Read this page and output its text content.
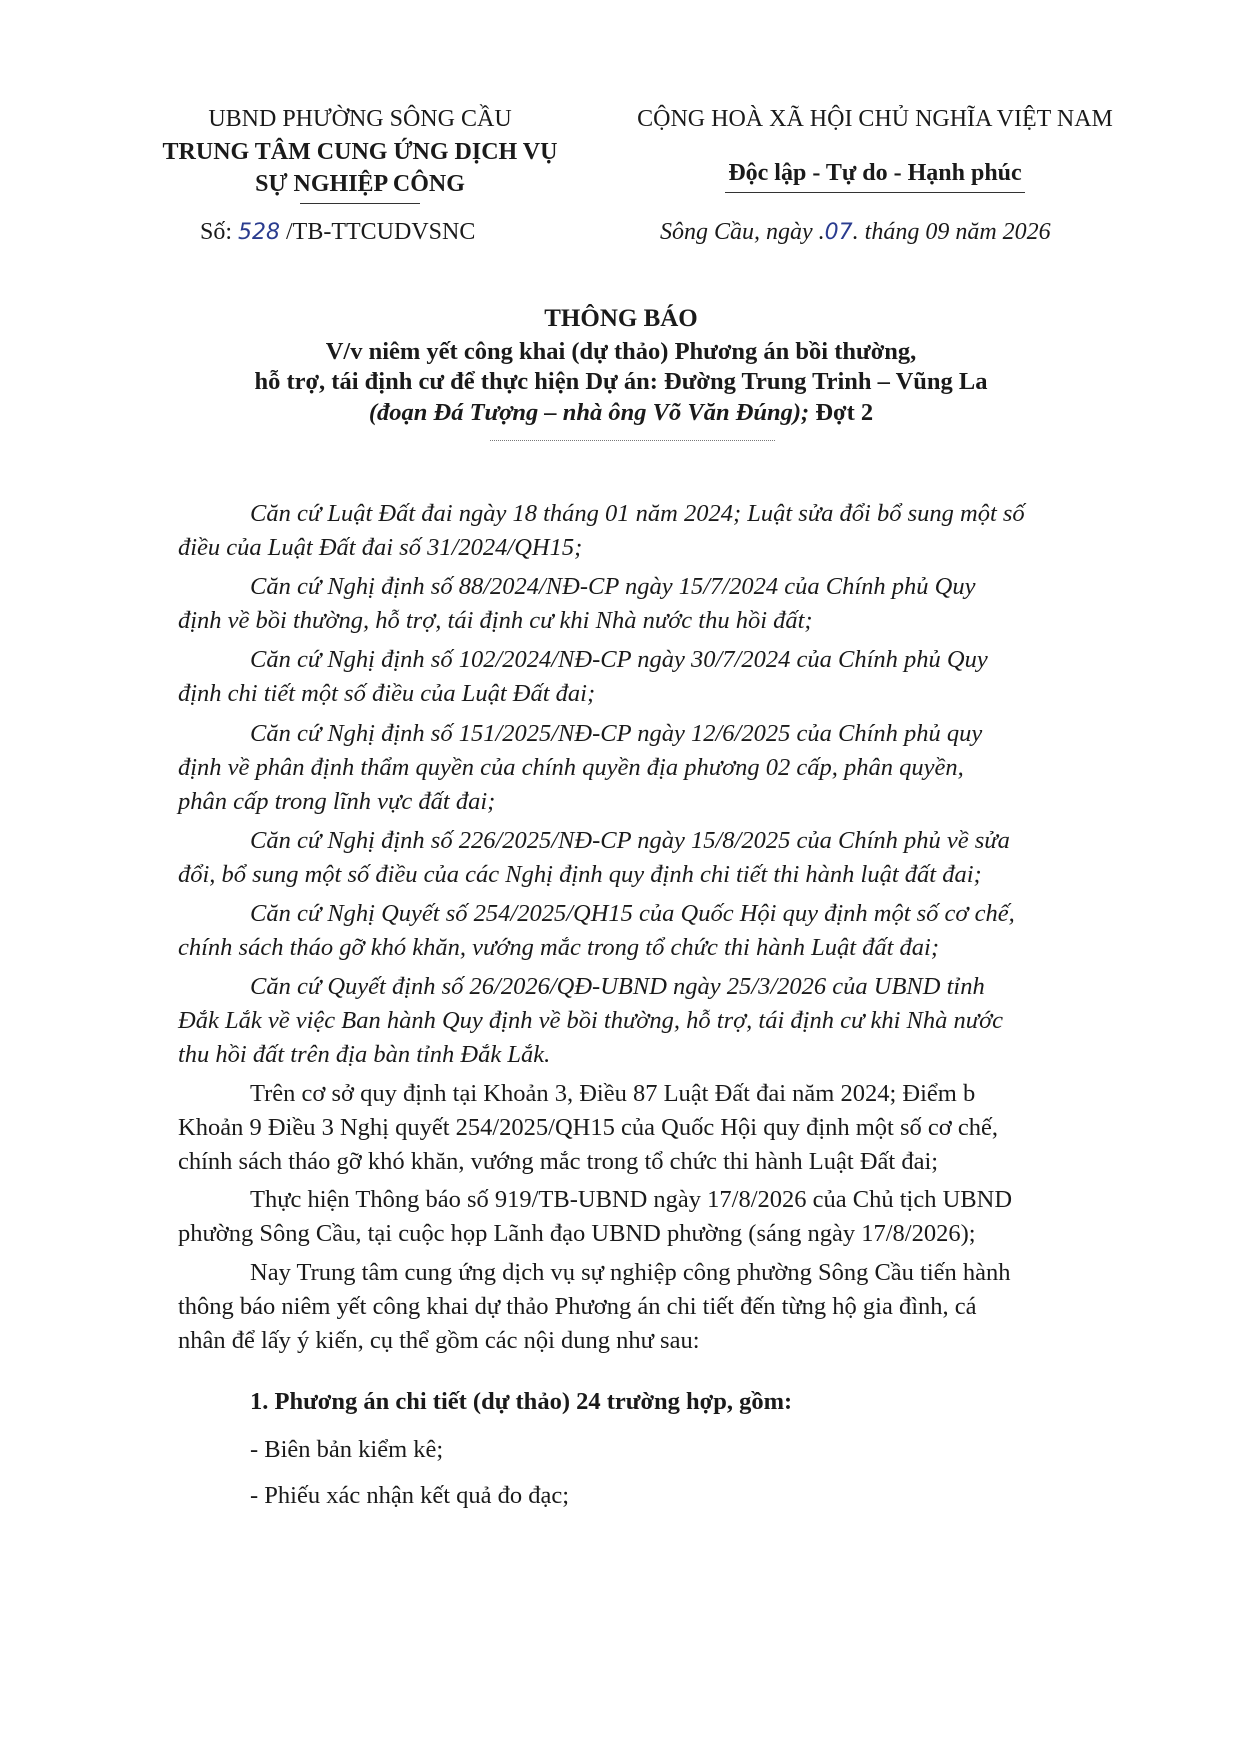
UBND PHƯỜNG SÔNG CẦU
TRUNG TÂM CUNG ỨNG DỊCH VỤ
SỰ NGHIỆP CÔNG
Số: 528 /TB-TTCUDVSNC
CỘNG HOÀ XÃ HỘI CHỦ NGHĨA VIỆT NAM
Độc lập - Tự do - Hạnh phúc
Sông Cầu, ngày .07. tháng 09 năm 2026
THÔNG BÁO
V/v niêm yết công khai (dự thảo) Phương án bồi thường,
hỗ trợ, tái định cư để thực hiện Dự án: Đường Trung Trinh – Vũng La
(đoạn Đá Tượng – nhà ông Võ Văn Đúng); Đợt 2
Căn cứ Luật Đất đai ngày 18 tháng 01 năm 2024; Luật sửa đổi bổ sung một số
điều của Luật Đất đai số 31/2024/QH15;
Căn cứ Nghị định số 88/2024/NĐ-CP ngày 15/7/2024 của Chính phủ Quy
định về bồi thường, hỗ trợ, tái định cư khi Nhà nước thu hồi đất;
Căn cứ Nghị định số 102/2024/NĐ-CP ngày 30/7/2024 của Chính phủ Quy
định chi tiết một số điều của Luật Đất đai;
Căn cứ Nghị định số 151/2025/NĐ-CP ngày 12/6/2025 của Chính phủ quy
định về phân định thẩm quyền của chính quyền địa phương 02 cấp, phân quyền,
phân cấp trong lĩnh vực đất đai;
Căn cứ Nghị định số 226/2025/NĐ-CP ngày 15/8/2025 của Chính phủ về sửa
đổi, bổ sung một số điều của các Nghị định quy định chi tiết thi hành luật đất đai;
Căn cứ Nghị Quyết số 254/2025/QH15 của Quốc Hội quy định một số cơ chế,
chính sách tháo gỡ khó khăn, vướng mắc trong tổ chức thi hành Luật đất đai;
Căn cứ Quyết định số 26/2026/QĐ-UBND ngày 25/3/2026 của UBND tỉnh
Đắk Lắk về việc Ban hành Quy định về bồi thường, hỗ trợ, tái định cư khi Nhà nước
thu hồi đất trên địa bàn tỉnh Đắk Lắk.
Trên cơ sở quy định tại Khoản 3, Điều 87 Luật Đất đai năm 2024; Điểm b
Khoản 9 Điều 3 Nghị quyết 254/2025/QH15 của Quốc Hội quy định một số cơ chế,
chính sách tháo gỡ khó khăn, vướng mắc trong tổ chức thi hành Luật Đất đai;
Thực hiện Thông báo số 919/TB-UBND ngày 17/8/2026 của Chủ tịch UBND
phường Sông Cầu, tại cuộc họp Lãnh đạo UBND phường (sáng ngày 17/8/2026);
Nay Trung tâm cung ứng dịch vụ sự nghiệp công phường Sông Cầu tiến hành
thông báo niêm yết công khai dự thảo Phương án chi tiết đến từng hộ gia đình, cá
nhân để lấy ý kiến, cụ thể gồm các nội dung như sau:
1. Phương án chi tiết (dự thảo) 24 trường hợp, gồm:
- Biên bản kiểm kê;
- Phiếu xác nhận kết quả đo đạc;
